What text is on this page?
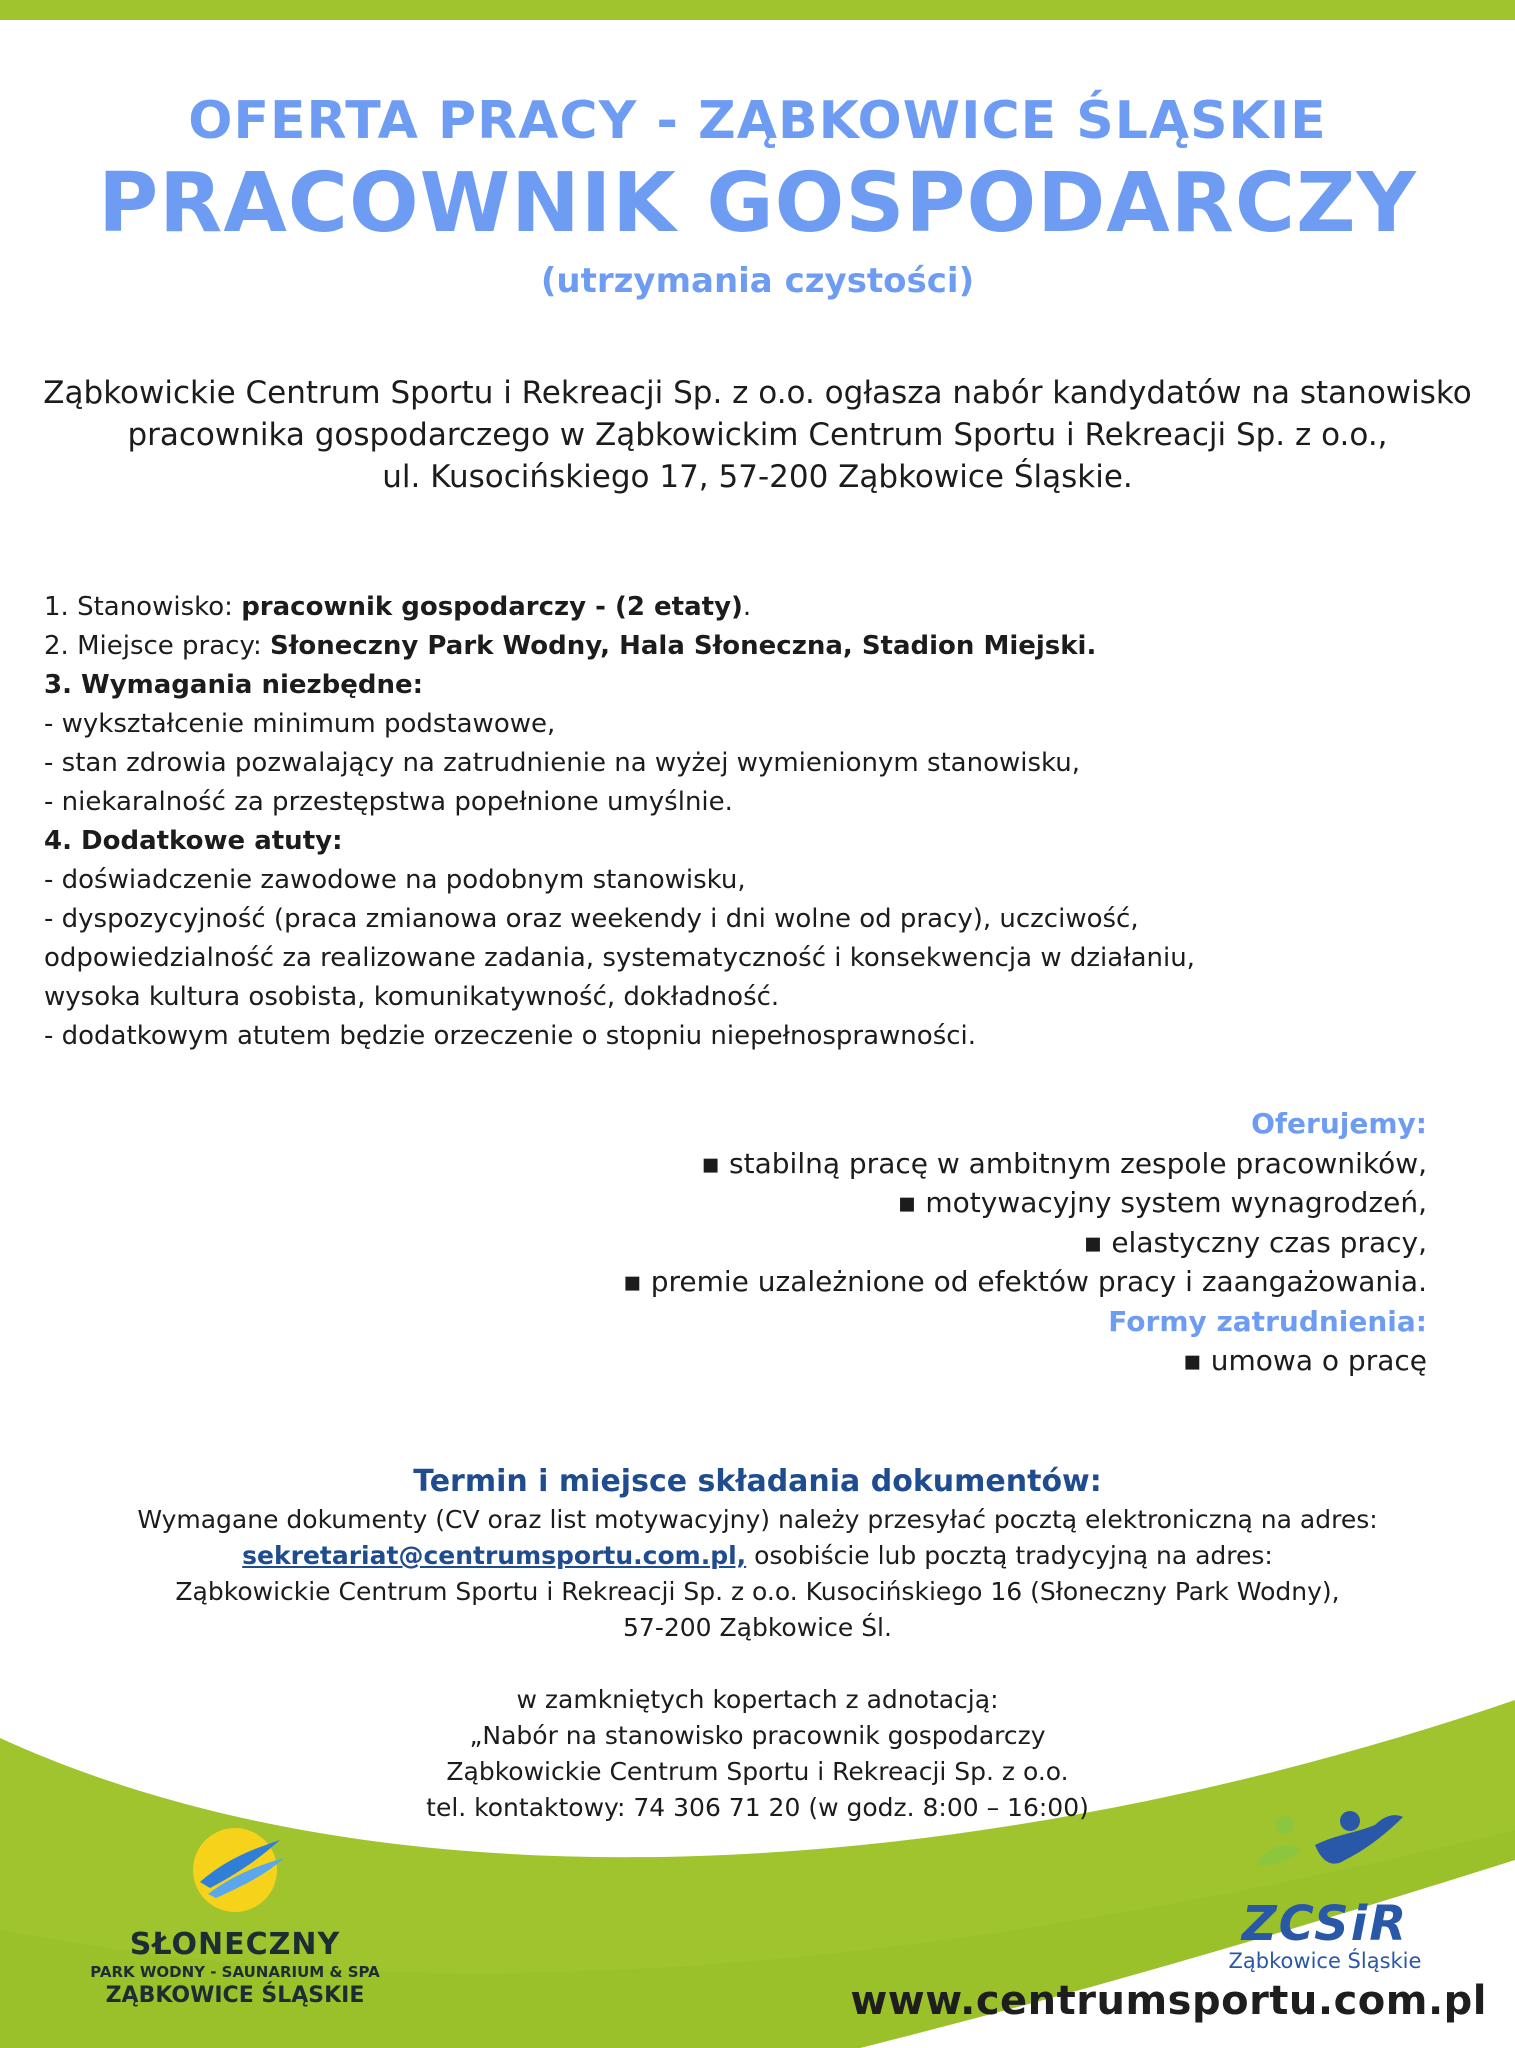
OFERTA PRACY - ZĄBKOWICE ŚLĄSKIE
PRACOWNIK GOSPODARCZY
(utrzymania czystości)
Ząbkowickie Centrum Sportu i Rekreacji Sp. z o.o. ogłasza nabór kandydatów na stanowisko
pracownika gospodarczego w Ząbkowickim Centrum Sportu i Rekreacji Sp. z o.o.,
ul. Kusocińskiego 17, 57-200 Ząbkowice Śląskie.
1. Stanowisko: pracownik gospodarczy - (2 etaty).
2. Miejsce pracy: Słoneczny Park Wodny, Hala Słoneczna, Stadion Miejski.
3. Wymagania niezbędne:
- wykształcenie minimum podstawowe,
- stan zdrowia pozwalający na zatrudnienie na wyżej wymienionym stanowisku,
- niekaralność za przestępstwa popełnione umyślnie.
4. Dodatkowe atuty:
- doświadczenie zawodowe na podobnym stanowisku,
- dyspozycyjność (praca zmianowa oraz weekendy i dni wolne od pracy), uczciwość,
odpowiedzialność za realizowane zadania, systematyczność i konsekwencja w działaniu,
wysoka kultura osobista, komunikatywność, dokładność.
- dodatkowym atutem będzie orzeczenie o stopniu niepełnosprawności.
Oferujemy:
▪ stabilną pracę w ambitnym zespole pracowników,
▪ motywacyjny system wynagrodzeń,
▪ elastyczny czas pracy,
▪ premie uzależnione od efektów pracy i zaangażowania.
Formy zatrudnienia:
▪ umowa o pracę
Termin i miejsce składania dokumentów:
Wymagane dokumenty (CV oraz list motywacyjny) należy przesyłać pocztą elektroniczną na adres:
sekretariat@centrumsportu.com.pl, osobiście lub pocztą tradycyjną na adres:
Ząbkowickie Centrum Sportu i Rekreacji Sp. z o.o. Kusocińskiego 16 (Słoneczny Park Wodny),
57-200 Ząbkowice Śl.
w zamkniętych kopertach z adnotacją:
„Nabór na stanowisko pracownik gospodarczy
Ząbkowickie Centrum Sportu i Rekreacji Sp. z o.o.
tel. kontaktowy: 74 306 71 20 (w godz. 8:00 – 16:00)
SŁONECZNY
PARK WODNY - SAUNARIUM & SPA
ZĄBKOWICE ŚLĄSKIE
ZCSiR
Ząbkowice Śląskie
www.centrumsportu.com.pl
